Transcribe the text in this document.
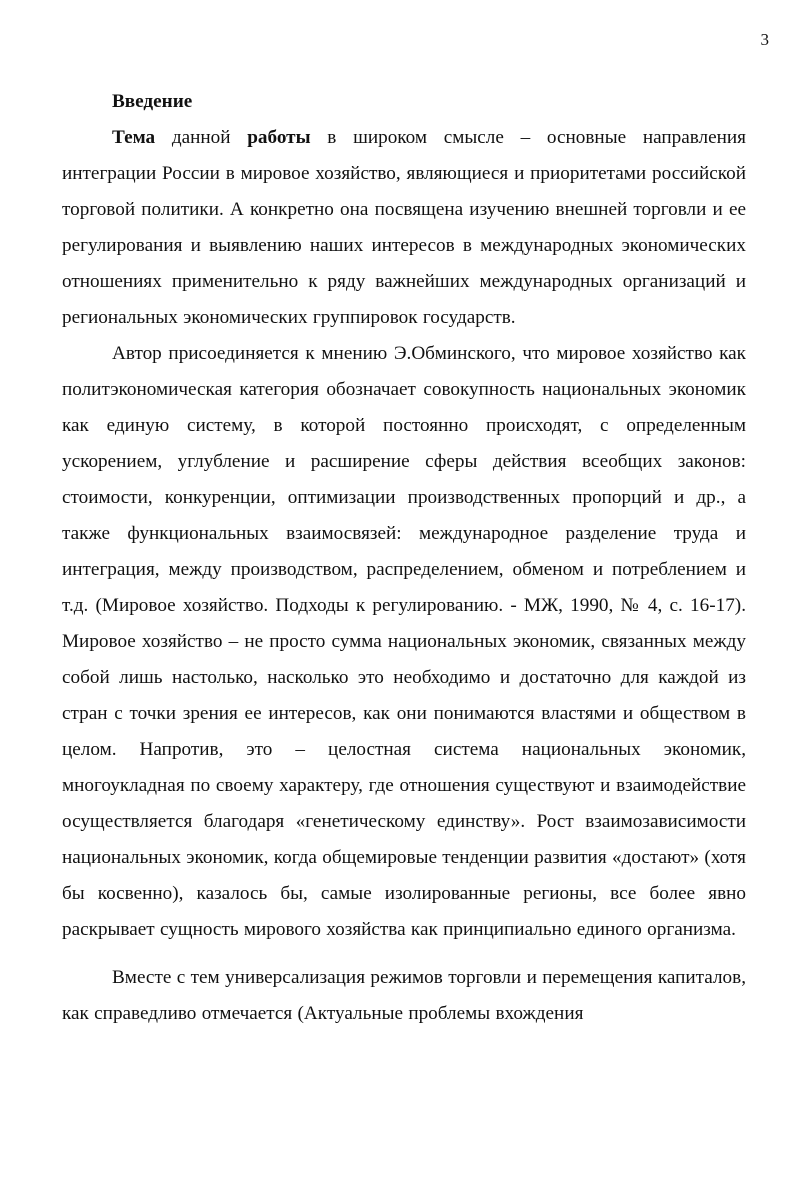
3
Введение

Тема данной работы в широком смысле – основные направления интеграции России в мировое хозяйство, являющиеся и приоритетами российской торговой политики. А конкретно она посвящена изучению внешней торговли и ее регулирования и выявлению наших интересов в международных экономических отношениях применительно к ряду важнейших международных организаций и региональных экономических группировок государств.

Автор присоединяется к мнению Э.Обминского, что мировое хозяйство как политэкономическая категория обозначает совокупность национальных экономик как единую систему, в которой постоянно происходят, с определенным ускорением, углубление и расширение сферы действия всеобщих законов: стоимости, конкуренции, оптимизации производственных пропорций и др., а также функциональных взаимосвязей: международное разделение труда и интеграция, между производством, распределением, обменом и потреблением и т.д. (Мировое хозяйство. Подходы к регулированию. - МЖ, 1990, № 4, с. 16-17). Мировое хозяйство – не просто сумма национальных экономик, связанных между собой лишь настолько, насколько это необходимо и достаточно для каждой из стран с точки зрения ее интересов, как они понимаются властями и обществом в целом. Напротив, это – целостная система национальных экономик, многоукладная по своему характеру, где отношения существуют и взаимодействие осуществляется благодаря «генетическому единству». Рост взаимозависимости национальных экономик, когда общемировые тенденции развития «достают» (хотя бы косвенно), казалось бы, самые изолированные регионы, все более явно раскрывает сущность мирового хозяйства как принципиально единого организма.

Вместе с тем универсализация режимов торговли и перемещения капиталов, как справедливо отмечается (Актуальные проблемы вхождения
